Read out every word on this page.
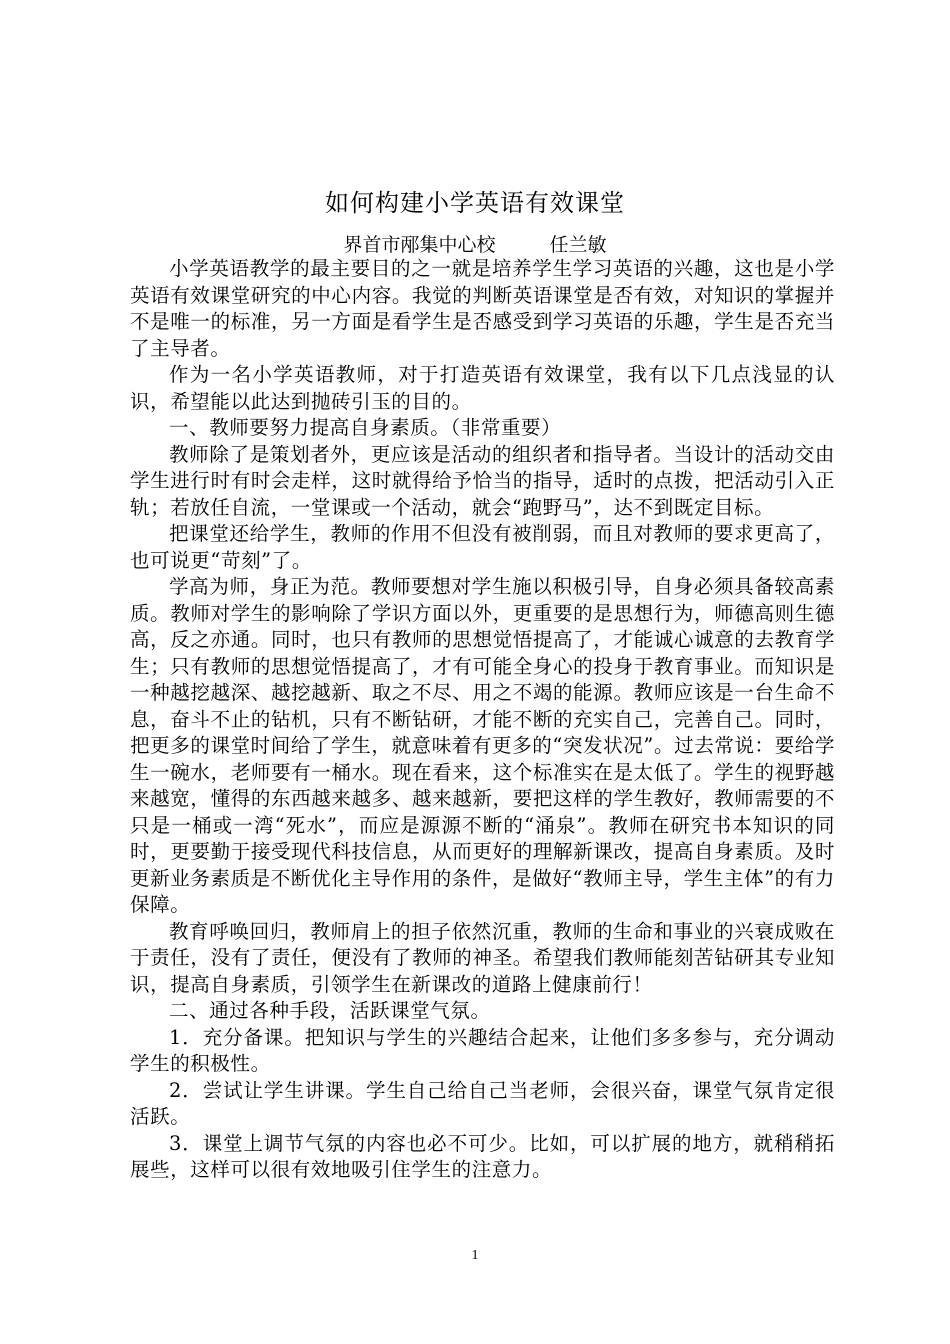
如何构建小学英语有效课堂
界首市邴集中心校	任兰敏

小学英语教学的最主要目的之一就是培养学生学习英语的兴趣，这也是小学英语有效课堂研究的中心内容。我觉的判断英语课堂是否有效，对知识的掌握并不是唯一的标准，另一方面是看学生是否感受到学习英语的乐趣，学生是否充当了主导者。

作为一名小学英语教师，对于打造英语有效课堂，我有以下几点浅显的认识，希望能以此达到抛砖引玉的目的。

一、教师要努力提高自身素质。（非常重要）

教师除了是策划者外，更应该是活动的组织者和指导者。当设计的活动交由学生进行时有时会走样，这时就得给予恰当的指导，适时的点拨，把活动引入正轨；若放任自流，一堂课或一个活动，就会“跑野马”，达不到既定目标。

把课堂还给学生，教师的作用不但没有被削弱，而且对教师的要求更高了，也可说更“苛刻”了。

学高为师，身正为范。教师要想对学生施以积极引导，自身必须具备较高素质。教师对学生的影响除了学识方面以外，更重要的是思想行为，师德高则生德高，反之亦通。同时，也只有教师的思想觉悟提高了，才能诚心诚意的去教育学生；只有教师的思想觉悟提高了，才有可能全身心的投身于教育事业。而知识是一种越挖越深、越挖越新、取之不尽、用之不竭的能源。教师应该是一台生命不息，奋斗不止的钻机，只有不断钻研，才能不断的充实自己，完善自己。同时，把更多的课堂时间给了学生，就意味着有更多的“突发状况”。过去常说：要给学生一碗水，老师要有一桶水。现在看来，这个标准实在是太低了。学生的视野越来越宽，懂得的东西越来越多、越来越新，要把这样的学生教好，教师需要的不只是一桶或一湾“死水”，而应是源源不断的“涌泉”。教师在研究书本知识的同时，更要勤于接受现代科技信息，从而更好的理解新课改，提高自身素质。及时更新业务素质是不断优化主导作用的条件，是做好“教师主导，学生主体”的有力保障。

教育呼唤回归，教师肩上的担子依然沉重，教师的生命和事业的兴衰成败在于责任，没有了责任，便没有了教师的神圣。希望我们教师能刻苦钻研其专业知识，提高自身素质，引领学生在新课改的道路上健康前行！

二、通过各种手段，活跃课堂气氛。

1．充分备课。把知识与学生的兴趣结合起来，让他们多多参与，充分调动学生的积极性。

2．尝试让学生讲课。学生自己给自己当老师，会很兴奋，课堂气氛肯定很活跃。

3．课堂上调节气氛的内容也必不可少。比如，可以扩展的地方，就稍稍拓展些，这样可以很有效地吸引住学生的注意力。

1
